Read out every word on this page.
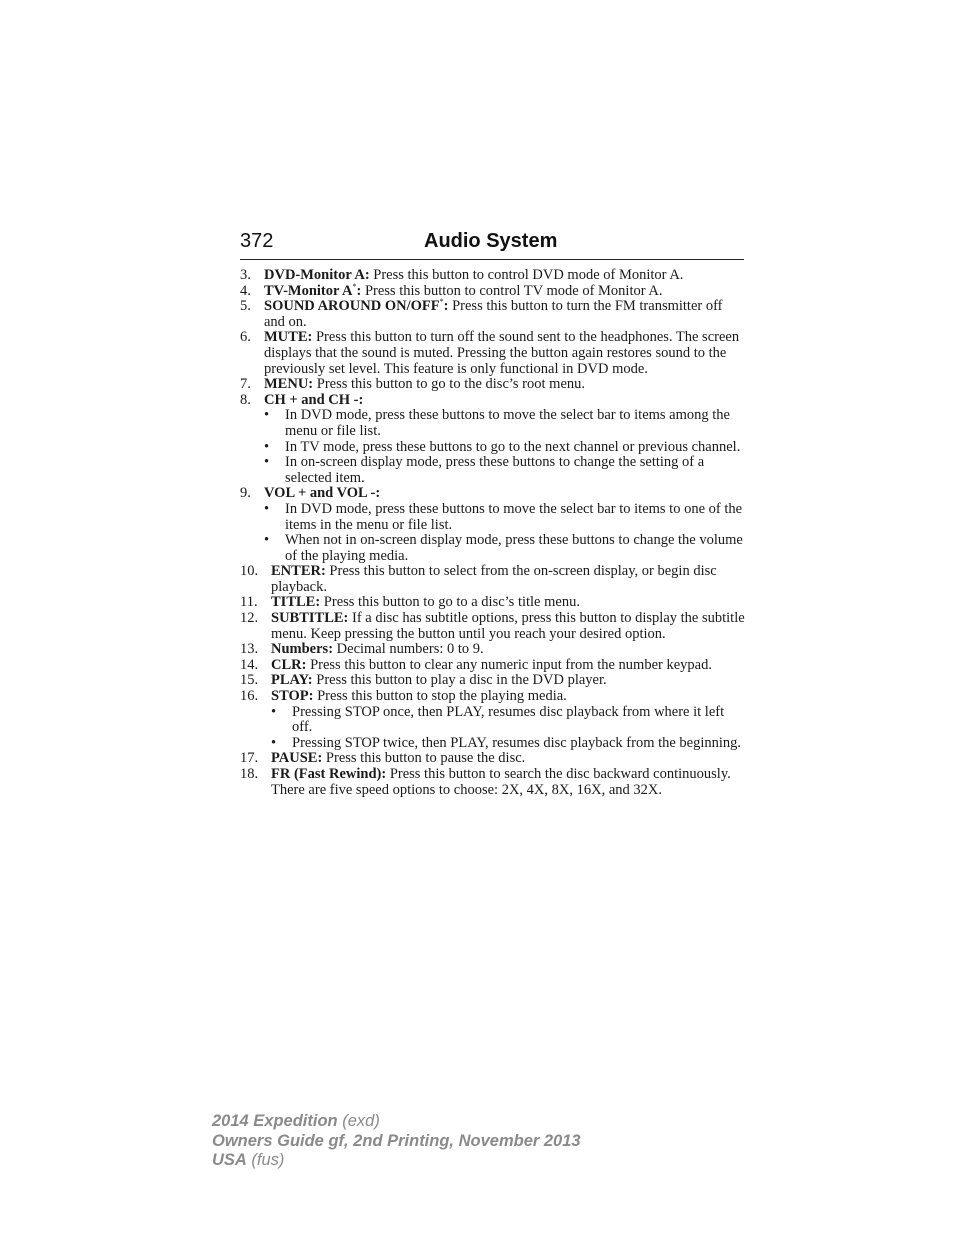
372	Audio System
3. DVD-Monitor A: Press this button to control DVD mode of Monitor A.
4. TV-Monitor A*: Press this button to control TV mode of Monitor A.
5. SOUND AROUND ON/OFF*: Press this button to turn the FM transmitter off and on.
6. MUTE: Press this button to turn off the sound sent to the headphones. The screen displays that the sound is muted. Pressing the button again restores sound to the previously set level. This feature is only functional in DVD mode.
7. MENU: Press this button to go to the disc’s root menu.
8. CH + and CH -:
•	In DVD mode, press these buttons to move the select bar to items among the menu or file list.
•	In TV mode, press these buttons to go to the next channel or previous channel.
•	In on-screen display mode, press these buttons to change the setting of a selected item.
9. VOL + and VOL -:
•	In DVD mode, press these buttons to move the select bar to items to one of the items in the menu or file list.
•	When not in on-screen display mode, press these buttons to change the volume of the playing media.
10. ENTER: Press this button to select from the on-screen display, or begin disc playback.
11. TITLE: Press this button to go to a disc’s title menu.
12. SUBTITLE: If a disc has subtitle options, press this button to display the subtitle menu. Keep pressing the button until you reach your desired option.
13. Numbers: Decimal numbers: 0 to 9.
14. CLR: Press this button to clear any numeric input from the number keypad.
15. PLAY: Press this button to play a disc in the DVD player.
16. STOP: Press this button to stop the playing media.
•	Pressing STOP once, then PLAY, resumes disc playback from where it left off.
•	Pressing STOP twice, then PLAY, resumes disc playback from the beginning.
17. PAUSE: Press this button to pause the disc.
18. FR (Fast Rewind): Press this button to search the disc backward continuously. There are five speed options to choose: 2X, 4X, 8X, 16X, and 32X.
2014 Expedition (exd)
Owners Guide gf, 2nd Printing, November 2013
USA (fus)
